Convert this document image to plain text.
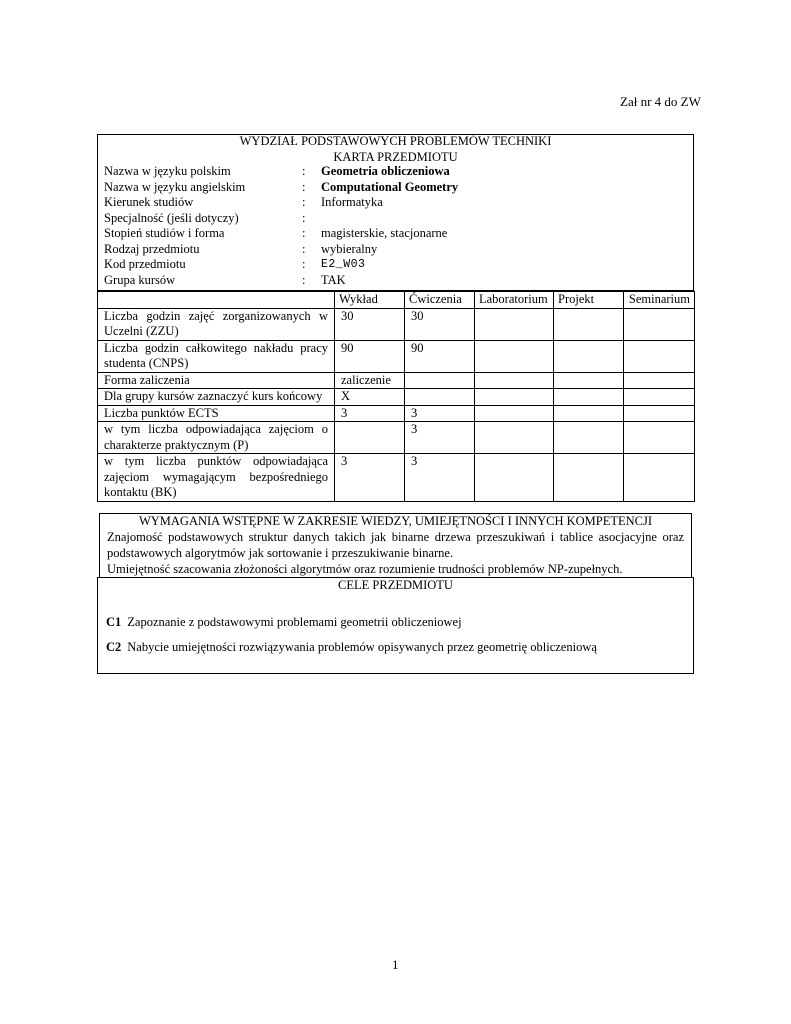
Zał nr 4 do ZW
WYDZIAŁ PODSTAWOWYCH PROBLEMÓW TECHNIKI
KARTA PRZEDMIOTU
Nazwa w języku polskim	: Geometria obliczeniowa
Nazwa w języku angielskim	: Computational Geometry
Kierunek studiów	: Informatyka
Specjalność (jeśli dotyczy)	:
Stopień studiów i forma	: magisterskie, stacjonarne
Rodzaj przedmiotu	: wybieralny
Kod przedmiotu	: E2_W03
Grupa kursów	: TAK
	Wykład	Ćwiczenia	Laboratorium	Projekt	Seminarium
Liczba godzin zajęć zorganizowanych w Uczelni (ZZU)	30	30			
Liczba godzin całkowitego nakładu pracy studenta (CNPS)	90	90			
Forma zaliczenia	zaliczenie				
Dla grupy kursów zaznaczyć kurs końcowy	X				
Liczba punktów ECTS	3	3			
w tym liczba odpowiadająca zajęciom o charakterze praktycznym (P)		3			
w tym liczba punktów odpowiadająca zajęciom wymagającym bezpośredniego kontaktu (BK)	3	3			
WYMAGANIA WSTĘPNE W ZAKRESIE WIEDZY, UMIEJĘTNOŚCI I INNYCH KOMPETENCJI

Znajomość podstawowych struktur danych takich jak binarne drzewa przeszukiwań i tablice asocjacyjne oraz podstawowych algorytmów jak sortowanie i przeszukiwanie binarne.

Umiejętność szacowania złożoności algorytmów oraz rozumienie trudności problemów NP-zupełnych.

CELE PRZEDMIOTU
C1 Zapoznanie z podstawowymi problemami geometrii obliczeniowej
C2 Nabycie umiejętności rozwiązywania problemów opisywanych przez geometrię obliczeniową
1
